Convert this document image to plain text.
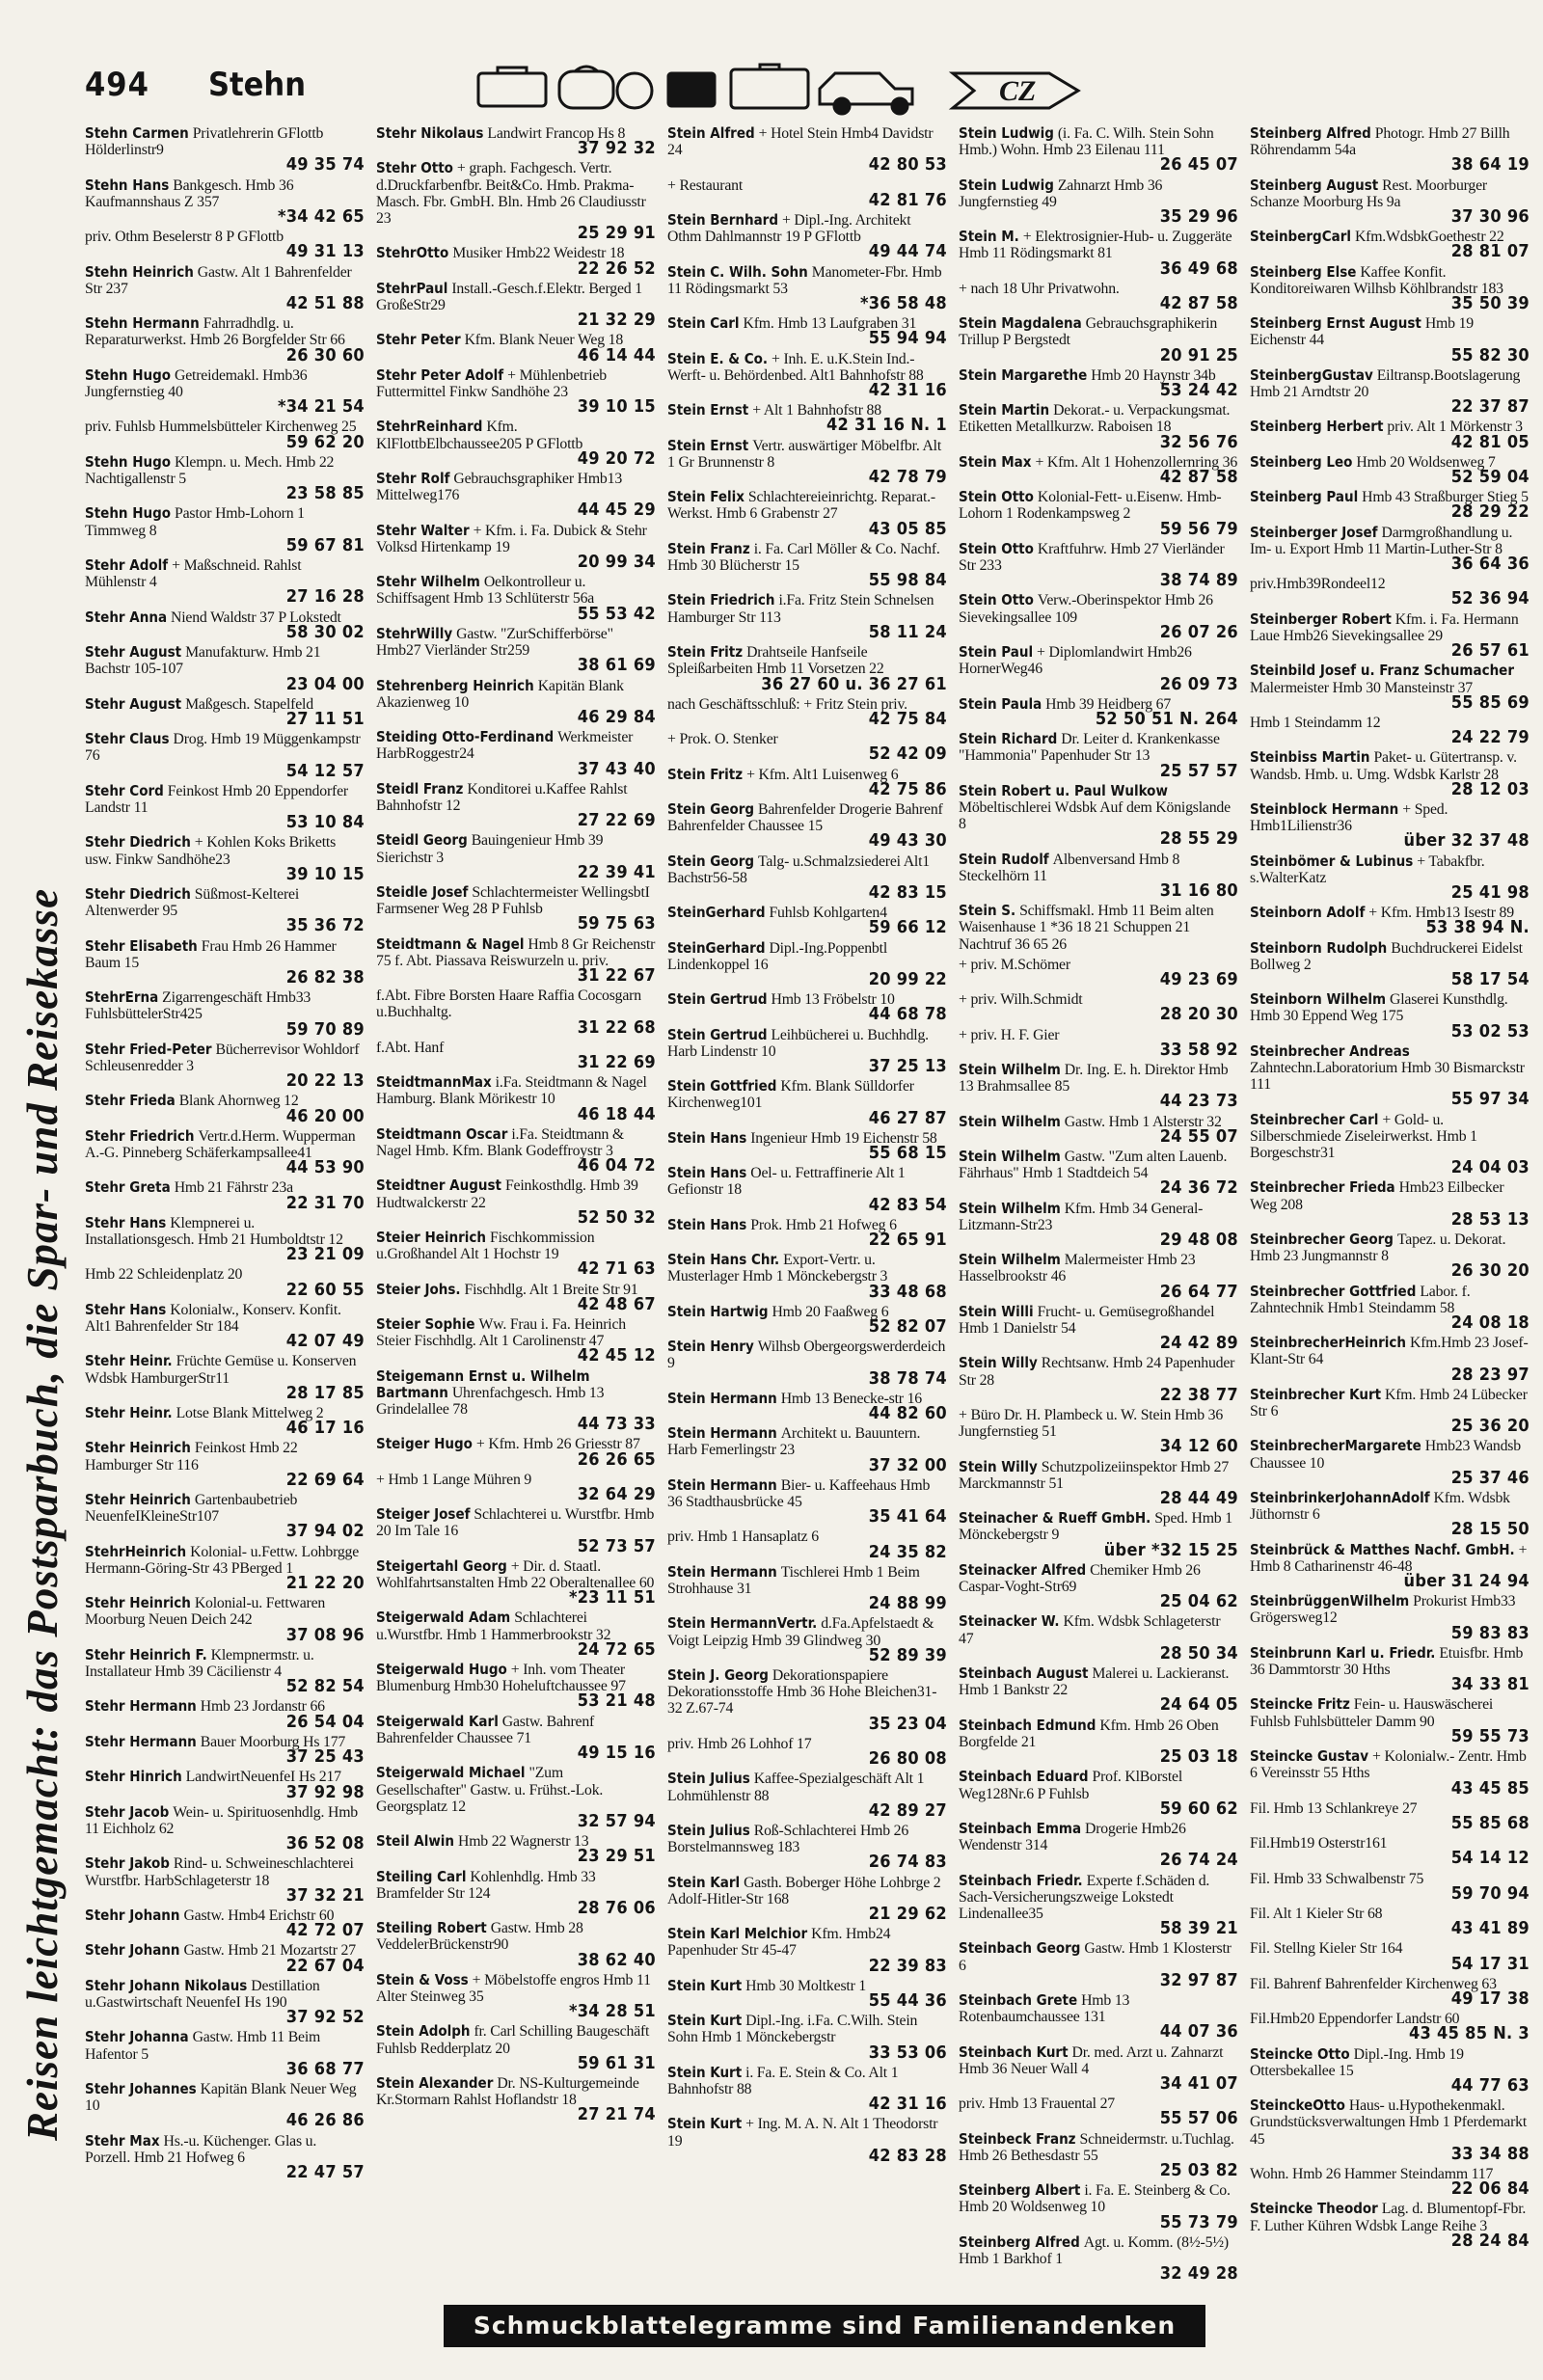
494 Stehn	CZ
Reisen leichtgemacht: das Postsparbuch, die Spar- und Reisekasse
Stehn Carmen Privatlehrerin GFlottb Hölderlinstr9
49 35 74
Stehn Hans Bankgesch. Hmb 36 Kaufmannshaus Z 357
*34 42 65
priv. Othm Beselerstr 8 P GFlottb
49 31 13
Stehn Heinrich Gastw. Alt 1 Bahrenfelder Str 237
42 51 88
Stehn Hermann Fahrradhdlg. u. Reparaturwerkst. Hmb 26 Borgfelder Str 66
26 30 60
Stehn Hugo Getreidemakl. Hmb36 Jungfernstieg 40
*34 21 54
priv. Fuhlsb Hummelsbütteler Kirchenweg 25
59 62 20
Stehn Hugo Klempn. u. Mech. Hmb 22 Nachtigallenstr 5
23 58 85
Stehn Hugo Pastor Hmb-Lohorn 1 Timmweg 8
59 67 81
Stehr Adolf + Maßschneid. Rahlst Mühlenstr 4
27 16 28
Stehr Anna Niend Waldstr 37 P Lokstedt
58 30 02
Stehr August Manufakturw. Hmb 21 Bachstr 105-107
23 04 00
Stehr August Maßgesch. Stapelfeld
27 11 51
Stehr Claus Drog. Hmb 19 Müggenkampstr 76
54 12 57
Stehr Cord Feinkost Hmb 20 Eppendorfer Landstr 11
53 10 84
Stehr Diedrich + Kohlen Koks Briketts usw. Finkw Sandhöhe23
39 10 15
Stehr Diedrich Süßmost-Kelterei Altenwerder 95
35 36 72
Stehr Elisabeth Frau Hmb 26 Hammer Baum 15
26 82 38
StehrErna Zigarrengeschäft Hmb33 FuhlsbüttelerStr425
59 70 89
Stehr Fried-Peter Bücherrevisor Wohldorf Schleusenredder 3
20 22 13
Stehr Frieda Blank Ahornweg 12
46 20 00
Stehr Friedrich Vertr.d.Herm. Wupperman A.-G. Pinneberg Schäferkampsallee41
44 53 90
Stehr Greta Hmb 21 Fährstr 23a
22 31 70
Stehr Hans Klempnerei u. Installationsgesch. Hmb 21 Humboldtstr 12
23 21 09
Hmb 22 Schleidenplatz 20
22 60 55
Stehr Hans Kolonialw., Konserv. Konfit. Alt1 Bahrenfelder Str 184
42 07 49
Stehr Heinr. Früchte Gemüse u. Konserven Wdsbk HamburgerStr11
28 17 85
Stehr Heinr. Lotse Blank Mittelweg 2
46 17 16
Stehr Heinrich Feinkost Hmb 22 Hamburger Str 116
22 69 64
Stehr Heinrich Gartenbaubetrieb NeuenfeIKleineStr107
37 94 02
StehrHeinrich Kolonial- u.Fettw. Lohbrgge Hermann-Göring-Str 43 PBerged 1
21 22 20
Stehr Heinrich Kolonial-u. Fettwaren Moorburg Neuen Deich 242
37 08 96
Stehr Heinrich F. Klempnermstr. u. Installateur Hmb 39 Cäcilienstr 4
52 82 54
Stehr Hermann Hmb 23 Jordanstr 66
26 54 04
Stehr Hermann Bauer Moorburg Hs 177
37 25 43
Stehr Hinrich LandwirtNeuenfeI Hs 217
37 92 98
Stehr Jacob Wein- u. Spirituosenhdlg. Hmb 11 Eichholz 62
36 52 08
Stehr Jakob Rind- u. Schweineschlachterei Wurstfbr. HarbSchlageterstr 18
37 32 21
Stehr Johann Gastw. Hmb4 Erichstr 60
42 72 07
Stehr Johann Gastw. Hmb 21 Mozartstr 27
22 67 04
Stehr Johann Nikolaus Destillation u.Gastwirtschaft NeuenfeI Hs 190
37 92 52
Stehr Johanna Gastw. Hmb 11 Beim Hafentor 5
36 68 77
Stehr Johannes Kapitän Blank Neuer Weg 10
46 26 86
Stehr Max Hs.-u. Küchenger. Glas u. Porzell. Hmb 21 Hofweg 6
22 47 57
Stehr Nikolaus Landwirt Francop Hs 8
37 92 32
Stehr Otto + graph. Fachgesch. Vertr. d.Druckfarbenfbr. Beit&Co. Hmb. Prakma-Masch. Fbr. GmbH. Bln. Hmb 26 Claudiusstr 23
25 29 91
StehrOtto Musiker Hmb22 Weidestr 18
22 26 52
StehrPaul Install.-Gesch.f.Elektr. Berged 1 GroßeStr29
21 32 29
Stehr Peter Kfm. Blank Neuer Weg 18
46 14 44
Stehr Peter Adolf + Mühlenbetrieb Futtermittel Finkw Sandhöhe 23
39 10 15
StehrReinhard Kfm. KlFlottbElbchaussee205 P GFlottb
49 20 72
Stehr Rolf Gebrauchsgraphiker Hmb13 Mittelweg176
44 45 29
Stehr Walter + Kfm. i. Fa. Dubick & Stehr Volksd Hirtenkamp 19
20 99 34
Stehr Wilhelm Oelkontrolleur u. Schiffsagent Hmb 13 Schlüterstr 56a
55 53 42
StehrWilly Gastw. "ZurSchifferbörse" Hmb27 Vierländer Str259
38 61 69
Stehrenberg Heinrich Kapitän Blank Akazienweg 10
46 29 84
Steiding Otto-Ferdinand Werkmeister HarbRoggestr24
37 43 40
Steidl Franz Konditorei u.Kaffee Rahlst Bahnhofstr 12
27 22 69
Steidl Georg Bauingenieur Hmb 39 Sierichstr 3
22 39 41
Steidle Josef Schlachtermeister WellingsbtI Farmsener Weg 28 P Fuhlsb
59 75 63
Steidtmann & Nagel Hmb 8 Gr Reichenstr 75 f. Abt. Piassava Reiswurzeln u. priv.
31 22 67
f.Abt. Fibre Borsten Haare Raffia Cocosgarn u.Buchhaltg.
31 22 68
f.Abt. Hanf
31 22 69
SteidtmannMax i.Fa. Steidtmann & Nagel Hamburg. Blank Mörikestr 10
46 18 44
Steidtmann Oscar i.Fa. Steidtmann & Nagel Hmb. Kfm. Blank Godeffroystr 3
46 04 72
Steidtner August Feinkosthdlg. Hmb 39 Hudtwalckerstr 22
52 50 32
Steier Heinrich Fischkommission u.Großhandel Alt 1 Hochstr 19
42 71 63
Steier Johs. Fischhdlg. Alt 1 Breite Str 91
42 48 67
Steier Sophie Ww. Frau i. Fa. Heinrich Steier Fischhdlg. Alt 1 Carolinenstr 47
42 45 12
Steigemann Ernst u. Wilhelm Bartmann Uhrenfachgesch. Hmb 13 Grindelallee 78
44 73 33
Steiger Hugo + Kfm. Hmb 26 Griesstr 87
26 26 65
+ Hmb 1 Lange Mühren 9
32 64 29
Steiger Josef Schlachterei u. Wurstfbr. Hmb 20 Im Tale 16
52 73 57
Steigertahl Georg + Dir. d. Staatl. Wohlfahrtsanstalten Hmb 22 Oberaltenallee 60
*23 11 51
Steigerwald Adam Schlachterei u.Wurstfbr. Hmb 1 Hammerbrookstr 32
24 72 65
Steigerwald Hugo + Inh. vom Theater Blumenburg Hmb30 Hoheluftchaussee 97
53 21 48
Steigerwald Karl Gastw. Bahrenf Bahrenfelder Chaussee 71
49 15 16
Steigerwald Michael "Zum Gesellschafter" Gastw. u. Frühst.-Lok. Georgsplatz 12
32 57 94
Steil Alwin Hmb 22 Wagnerstr 13
23 29 51
Steiling Carl Kohlenhdlg. Hmb 33 Bramfelder Str 124
28 76 06
Steiling Robert Gastw. Hmb 28 VeddelerBrückenstr90
38 62 40
Stein & Voss + Möbelstoffe engros Hmb 11 Alter Steinweg 35
*34 28 51
Stein Adolph fr. Carl Schilling Baugeschäft Fuhlsb Redderplatz 20
59 61 31
Stein Alexander Dr. NS-Kulturgemeinde Kr.Stormarn Rahlst Hoflandstr 18
27 21 74
Stein Alfred + Hotel Stein Hmb4 Davidstr 24
42 80 53
+ Restaurant
42 81 76
Stein Bernhard + Dipl.-Ing. Architekt Othm Dahlmannstr 19 P GFlottb
49 44 74
Stein C. Wilh. Sohn Manometer-Fbr. Hmb 11 Rödingsmarkt 53
*36 58 48
Stein Carl Kfm. Hmb 13 Laufgraben 31
55 94 94
Stein E. & Co. + Inh. E. u.K.Stein Ind.-Werft- u. Behördenbed. Alt1 Bahnhofstr 88
42 31 16
Stein Ernst + Alt 1 Bahnhofstr 88
42 31 16 N. 1
Stein Ernst Vertr. auswärtiger Möbelfbr. Alt 1 Gr Brunnenstr 8
42 78 79
Stein Felix Schlachtereieinrichtg. Reparat.-Werkst. Hmb 6 Grabenstr 27
43 05 85
Stein Franz i. Fa. Carl Möller & Co. Nachf. Hmb 30 Blücherstr 15
55 98 84
Stein Friedrich i.Fa. Fritz Stein Schnelsen Hamburger Str 113
58 11 24
Stein Fritz Drahtseile Hanfseile Spleißarbeiten Hmb 11 Vorsetzen 22
36 27 60 u. 36 27 61
nach Geschäftsschluß: + Fritz Stein priv.
42 75 84
+ Prok. O. Stenker
52 42 09
Stein Fritz + Kfm. Alt1 Luisenweg 6
42 75 86
Stein Georg Bahrenfelder Drogerie Bahrenf Bahrenfelder Chaussee 15
49 43 30
Stein Georg Talg- u.Schmalzsiederei Alt1 Bachstr56-58
42 83 15
SteinGerhard Fuhlsb Kohlgarten4
59 66 12
SteinGerhard Dipl.-Ing.Poppenbtl Lindenkoppel 16
20 99 22
Stein Gertrud Hmb 13 Fröbelstr 10
44 68 78
Stein Gertrud Leihbücherei u. Buchhdlg. Harb Lindenstr 10
37 25 13
Stein Gottfried Kfm. Blank Sülldorfer Kirchenweg101
46 27 87
Stein Hans Ingenieur Hmb 19 Eichenstr 58
55 68 15
Stein Hans Oel- u. Fettraffinerie Alt 1 Gefionstr 18
42 83 54
Stein Hans Prok. Hmb 21 Hofweg 6
22 65 91
Stein Hans Chr. Export-Vertr. u. Musterlager Hmb 1 Mönckebergstr 3
33 48 68
Stein Hartwig Hmb 20 Faaßweg 6
52 82 07
Stein Henry Wilhsb Obergeorgswerderdeich 9
38 78 74
Stein Hermann Hmb 13 Benecke-str 16
44 82 60
Stein Hermann Architekt u. Bauuntern. Harb Femerlingstr 23
37 32 00
Stein Hermann Bier- u. Kaffeehaus Hmb 36 Stadthausbrücke 45
35 41 64
priv. Hmb 1 Hansaplatz 6
24 35 82
Stein Hermann Tischlerei Hmb 1 Beim Strohhause 31
24 88 99
Stein HermannVertr. d.Fa.Apfelstaedt & Voigt Leipzig Hmb 39 Glindweg 30
52 89 39
Stein J. Georg Dekorationspapiere Dekorationsstoffe Hmb 36 Hohe Bleichen31-32 Z.67-74
35 23 04
priv. Hmb 26 Lohhof 17
26 80 08
Stein Julius Kaffee-Spezialgeschäft Alt 1 Lohmühlenstr 88
42 89 27
Stein Julius Roß-Schlachterei Hmb 26 Borstelmannsweg 183
26 74 83
Stein Karl Gasth. Boberger Höhe Lohbrge 2 Adolf-Hitler-Str 168
21 29 62
Stein Karl Melchior Kfm. Hmb24 Papenhuder Str 45-47
22 39 83
Stein Kurt Hmb 30 Moltkestr 1
55 44 36
Stein Kurt Dipl.-Ing. i.Fa. C.Wilh. Stein Sohn Hmb 1 Mönckebergstr
33 53 06
Stein Kurt i. Fa. E. Stein & Co. Alt 1 Bahnhofstr 88
42 31 16
Stein Kurt + Ing. M. A. N. Alt 1 Theodorstr 19
42 83 28
Stein Ludwig (i. Fa. C. Wilh. Stein Sohn Hmb.) Wohn. Hmb 23 Eilenau 111
26 45 07
Stein Ludwig Zahnarzt Hmb 36 Jungfernstieg 49
35 29 96
Stein M. + Elektrosignier-Hub- u. Zuggeräte Hmb 11 Rödingsmarkt 81
36 49 68
+ nach 18 Uhr Privatwohn.
42 87 58
Stein Magdalena Gebrauchsgraphikerin Trillup P Bergstedt
20 91 25
Stein Margarethe Hmb 20 Haynstr 34b
53 24 42
Stein Martin Dekorat.- u. Verpackungsmat. Etiketten Metallkurzw. Raboisen 18
32 56 76
Stein Max + Kfm. Alt 1 Hohenzollernring 36
42 87 58
Stein Otto Kolonial-Fett- u.Eisenw. Hmb-Lohorn 1 Rodenkampsweg 2
59 56 79
Stein Otto Kraftfuhrw. Hmb 27 Vierländer Str 233
38 74 89
Stein Otto Verw.-Oberinspektor Hmb 26 Sievekingsallee 109
26 07 26
Stein Paul + Diplomlandwirt Hmb26 HornerWeg46
26 09 73
Stein Paula Hmb 39 Heidberg 67
52 50 51 N. 264
Stein Richard Dr. Leiter d. Krankenkasse "Hammonia" Papenhuder Str 13
25 57 57
Stein Robert u. Paul Wulkow Möbeltischlerei Wdsbk Auf dem Königslande 8
28 55 29
Stein Rudolf Albenversand Hmb 8 Steckelhörn 11
31 16 80
Stein S. Schiffsmakl. Hmb 11 Beim alten Waisenhause 1 *36 18 21 Schuppen 21 Nachtruf 36 65 26
+ priv. M.Schömer
49 23 69
+ priv. Wilh.Schmidt
28 20 30
+ priv. H. F. Gier
33 58 92
Stein Wilhelm Dr. Ing. E. h. Direktor Hmb 13 Brahmsallee 85
44 23 73
Stein Wilhelm Gastw. Hmb 1 Alsterstr 32
24 55 07
Stein Wilhelm Gastw. "Zum alten Lauenb. Fährhaus" Hmb 1 Stadtdeich 54
24 36 72
Stein Wilhelm Kfm. Hmb 34 General-Litzmann-Str23
29 48 08
Stein Wilhelm Malermeister Hmb 23 Hasselbrookstr 46
26 64 77
Stein Willi Frucht- u. Gemüsegroßhandel Hmb 1 Danielstr 54
24 42 89
Stein Willy Rechtsanw. Hmb 24 Papenhuder Str 28
22 38 77
+ Büro Dr. H. Plambeck u. W. Stein Hmb 36 Jungfernstieg 51
34 12 60
Stein Willy Schutzpolizeiinspektor Hmb 27 Marckmannstr 51
28 44 49
Steinacher & Rueff GmbH. Sped. Hmb 1 Mönckebergstr 9
über *32 15 25
Steinacker Alfred Chemiker Hmb 26 Caspar-Voght-Str69
25 04 62
Steinacker W. Kfm. Wdsbk Schlageterstr 47
28 50 34
Steinbach August Malerei u. Lackieranst. Hmb 1 Bankstr 22
24 64 05
Steinbach Edmund Kfm. Hmb 26 Oben Borgfelde 21
25 03 18
Steinbach Eduard Prof. KlBorstel Weg128Nr.6 P Fuhlsb
59 60 62
Steinbach Emma Drogerie Hmb26 Wendenstr 314
26 74 24
Steinbach Friedr. Experte f.Schäden d. Sach-Versicherungszweige Lokstedt Lindenallee35
58 39 21
Steinbach Georg Gastw. Hmb 1 Klosterstr 6
32 97 87
Steinbach Grete Hmb 13 Rotenbaumchaussee 131
44 07 36
Steinbach Kurt Dr. med. Arzt u. Zahnarzt Hmb 36 Neuer Wall 4
34 41 07
priv. Hmb 13 Frauental 27
55 57 06
Steinbeck Franz Schneidermstr. u.Tuchlag. Hmb 26 Bethesdastr 55
25 03 82
Steinberg Albert i. Fa. E. Steinberg & Co. Hmb 20 Woldsenweg 10
55 73 79
Steinberg Alfred Agt. u. Komm. (8½-5½) Hmb 1 Barkhof 1
32 49 28
Steinberg Alfred Photogr. Hmb 27 Billh Röhrendamm 54a
38 64 19
Steinberg August Rest. Moorburger Schanze Moorburg Hs 9a
37 30 96
SteinbergCarl Kfm.WdsbkGoethestr 22
28 81 07
Steinberg Else Kaffee Konfit. Konditoreiwaren Wilhsb Köhlbrandstr 183
35 50 39
Steinberg Ernst August Hmb 19 Eichenstr 44
55 82 30
SteinbergGustav Eiltransp.Bootslagerung Hmb 21 Arndtstr 20
22 37 87
Steinberg Herbert priv. Alt 1 Mörkenstr 3
42 81 05
Steinberg Leo Hmb 20 Woldsenweg 7
52 59 04
Steinberg Paul Hmb 43 Straßburger Stieg 5
28 29 22
Steinberger Josef Darmgroßhandlung u. Im- u. Export Hmb 11 Martin-Luther-Str 8
36 64 36
priv.Hmb39Rondeel12
52 36 94
Steinberger Robert Kfm. i. Fa. Hermann Laue Hmb26 Sievekingsallee 29
26 57 61
Steinbild Josef u. Franz Schumacher Malermeister Hmb 30 Mansteinstr 37
55 85 69
Hmb 1 Steindamm 12
24 22 79
Steinbiss Martin Paket- u. Gütertransp. v. Wandsb. Hmb. u. Umg. Wdsbk Karlstr 28
28 12 03
Steinblock Hermann + Sped. Hmb1Lilienstr36
über 32 37 48
Steinbömer & Lubinus + Tabakfbr. s.WalterKatz
25 41 98
Steinborn Adolf + Kfm. Hmb13 Isestr 89
53 38 94 N.
Steinborn Rudolph Buchdruckerei Eidelst Bollweg 2
58 17 54
Steinborn Wilhelm Glaserei Kunsthdlg. Hmb 30 Eppend Weg 175
53 02 53
Steinbrecher Andreas Zahntechn.Laboratorium Hmb 30 Bismarckstr 111
55 97 34
Steinbrecher Carl + Gold- u. Silberschmiede Ziseleirwerkst. Hmb 1 Borgeschstr31
24 04 03
Steinbrecher Frieda Hmb23 Eilbecker Weg 208
28 53 13
Steinbrecher Georg Tapez. u. Dekorat. Hmb 23 Jungmannstr 8
26 30 20
Steinbrecher Gottfried Labor. f. Zahntechnik Hmb1 Steindamm 58
24 08 18
SteinbrecherHeinrich Kfm.Hmb 23 Josef-Klant-Str 64
28 23 97
Steinbrecher Kurt Kfm. Hmb 24 Lübecker Str 6
25 36 20
SteinbrecherMargarete Hmb23 Wandsb Chaussee 10
25 37 46
SteinbrinkerJohannAdolf Kfm. Wdsbk Jüthornstr 6
28 15 50
Steinbrück & Matthes Nachf. GmbH. + Hmb 8 Catharinenstr 46-48
über 31 24 94
SteinbrüggenWilhelm Prokurist Hmb33 Grögersweg12
59 83 83
Steinbrunn Karl u. Friedr. Etuisfbr. Hmb 36 Dammtorstr 30 Hths
34 33 81
Steincke Fritz Fein- u. Hauswäscherei Fuhlsb Fuhlsbütteler Damm 90
59 55 73
Steincke Gustav + Kolonialw.- Zentr. Hmb 6 Vereinsstr 55 Hths
43 45 85
Fil. Hmb 13 Schlankreye 27
55 85 68
Fil.Hmb19 Osterstr161
54 14 12
Fil. Hmb 33 Schwalbenstr 75
59 70 94
Fil. Alt 1 Kieler Str 68
43 41 89
Fil. Stellng Kieler Str 164
54 17 31
Fil. Bahrenf Bahrenfelder Kirchenweg 63
49 17 38
Fil.Hmb20 Eppendorfer Landstr 60
43 45 85 N. 3
Steincke Otto Dipl.-Ing. Hmb 19 Ottersbekallee 15
44 77 63
SteinckeOtto Haus- u.Hypothekenmakl. Grundstücksverwaltungen Hmb 1 Pferdemarkt 45
33 34 88
Wohn. Hmb 26 Hammer Steindamm 117
22 06 84
Steincke Theodor Lag. d. Blumentopf-Fbr. F. Luther Kühren Wdsbk Lange Reihe 3
28 24 84
Schmuckblattelegramme sind Familienandenken
